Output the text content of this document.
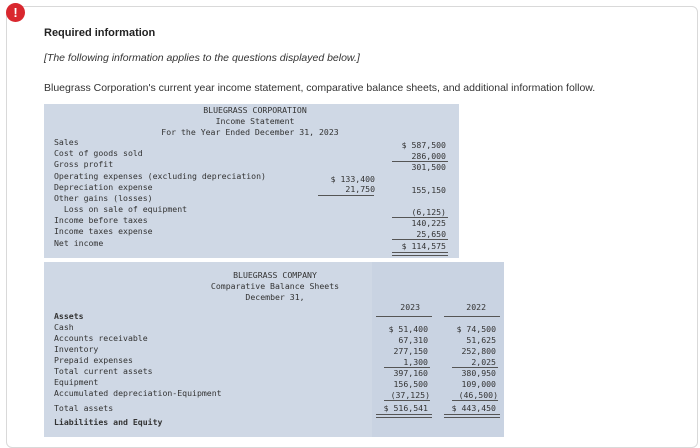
!
Required information
[The following information applies to the questions displayed below.]
Bluegrass Corporation's current year income statement, comparative balance sheets, and additional information follow.
BLUEGRASS CORPORATION
Income Statement
For the Year Ended December 31, 2023
Sales	$ 587,500
Cost of goods sold	286,000
Gross profit	301,500
Operating expenses (excluding depreciation)	$ 133,400
Depreciation expense	21,750	155,150
Other gains (losses)
Loss on sale of equipment	(6,125)
Income before taxes	140,225
Income taxes expense	25,650
Net income	$ 114,575
BLUEGRASS COMPANY
Comparative Balance Sheets
December 31,
2023	2022
Assets
Cash	$ 51,400	$ 74,500
Accounts receivable	67,310	51,625
Inventory	277,150	252,800
Prepaid expenses	1,300	2,025
Total current assets	397,160	380,950
Equipment	156,500	109,000
Accumulated depreciation-Equipment	(37,125)	(46,500)
Total assets	$ 516,541	$ 443,450
Liabilities and Equity
